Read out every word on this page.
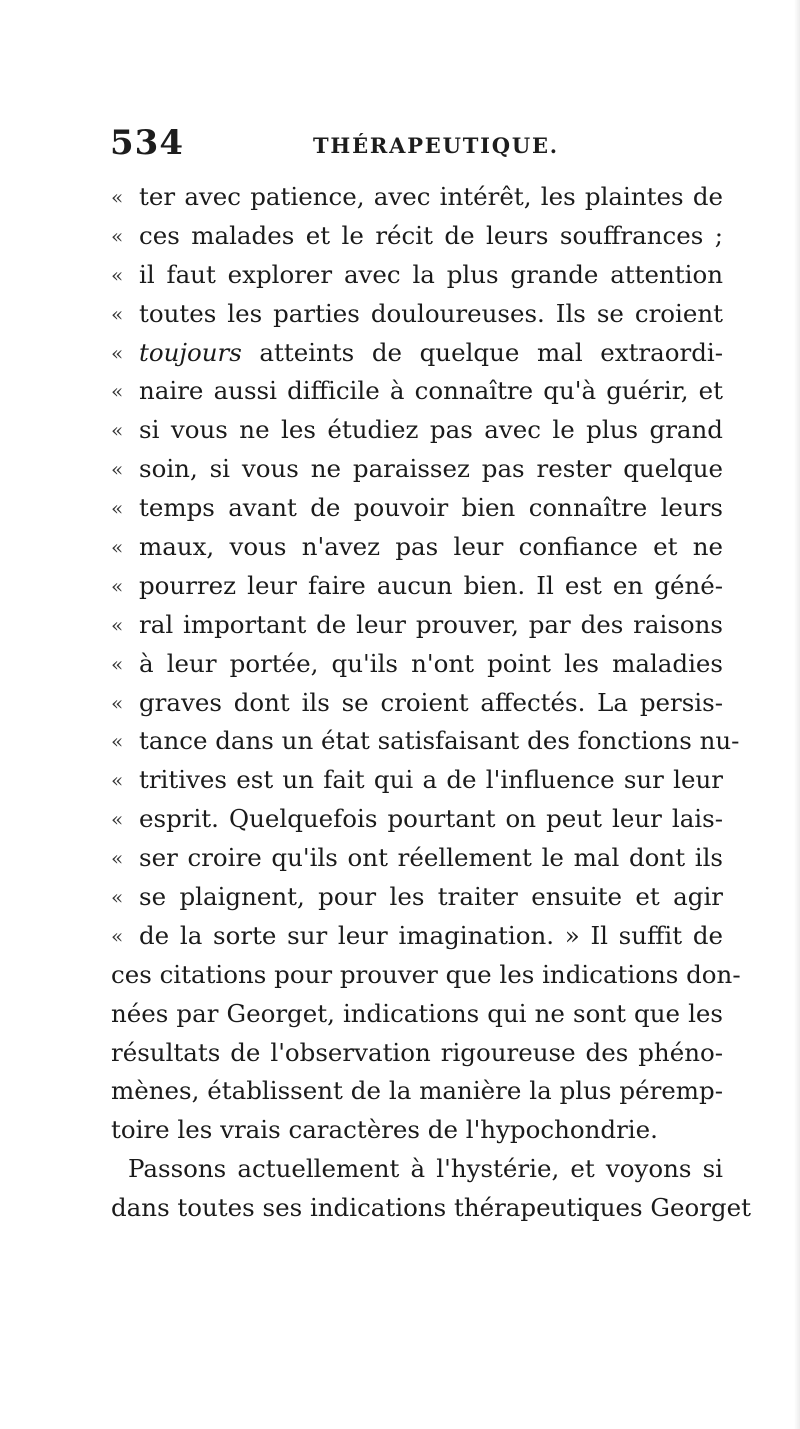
534	THÉRAPEUTIQUE.
« ter avec patience, avec intérêt, les plaintes de
« ces malades et le récit de leurs souffrances ;
« il faut explorer avec la plus grande attention
« toutes les parties douloureuses. Ils se croient
« toujours atteints de quelque mal extraordi-
« naire aussi difficile à connaître qu'à guérir, et
« si vous ne les étudiez pas avec le plus grand
« soin, si vous ne paraissez pas rester quelque
« temps avant de pouvoir bien connaître leurs
« maux, vous n'avez pas leur confiance et ne
« pourrez leur faire aucun bien. Il est en géné-
« ral important de leur prouver, par des raisons
« à leur portée, qu'ils n'ont point les maladies
« graves dont ils se croient affectés. La persis-
« tance dans un état satisfaisant des fonctions nu-
« tritives est un fait qui a de l'influence sur leur
« esprit. Quelquefois pourtant on peut leur lais-
« ser croire qu'ils ont réellement le mal dont ils
« se plaignent, pour les traiter ensuite et agir
« de la sorte sur leur imagination. » Il suffit de
ces citations pour prouver que les indications don-
nées par Georget, indications qui ne sont que les
résultats de l'observation rigoureuse des phéno-
mènes, établissent de la manière la plus péremp-
toire les vrais caractères de l'hypochondrie.
Passons actuellement à l'hystérie, et voyons si
dans toutes ses indications thérapeutiques Georget
